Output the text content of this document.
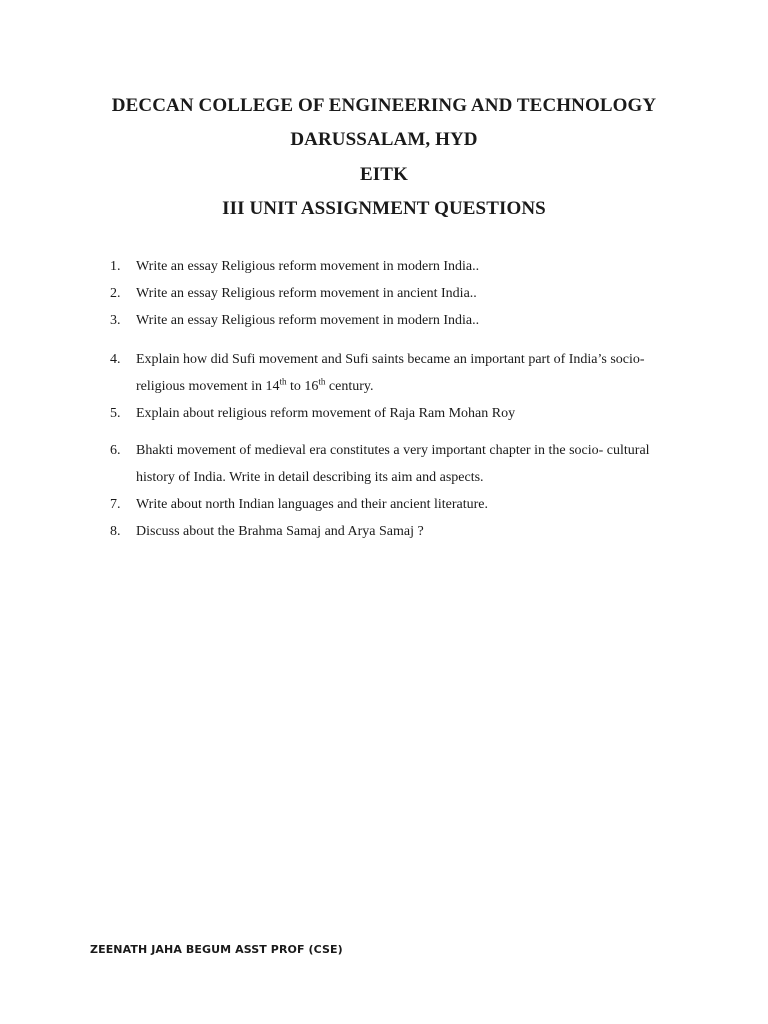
DECCAN COLLEGE OF ENGINEERING AND TECHNOLOGY
DARUSSALAM, HYD
EITK
III UNIT ASSIGNMENT QUESTIONS
1.	Write an essay Religious reform movement in modern India..
2.	Write an essay Religious reform movement in ancient India..
3.	Write an essay Religious reform movement in modern India..
4.	Explain how did Sufi movement and Sufi saints became an important part of India’s socio-religious movement in 14th to 16th century.
5.	Explain about religious reform movement of Raja Ram Mohan Roy
6.	Bhakti movement of medieval era constitutes a very important chapter in the socio- cultural history of India. Write in detail describing its aim and aspects.
7.	Write about north Indian languages and their ancient literature.
8.	Discuss about the Brahma Samaj and Arya Samaj ?
ZEENATH JAHA BEGUM ASST PROF (CSE)
